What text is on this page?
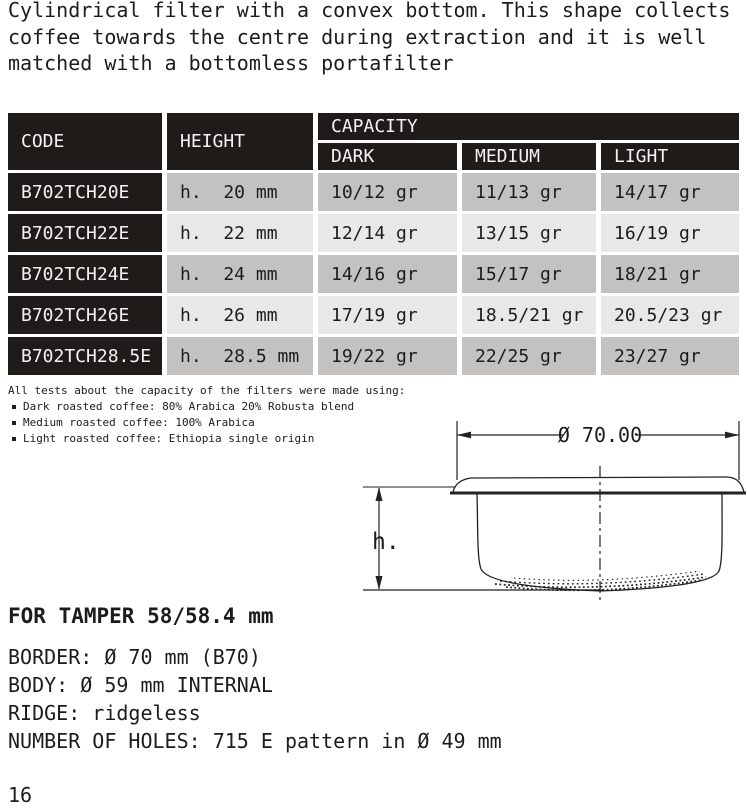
Cylindrical filter with a convex bottom. This shape collects
coffee towards the centre during extraction and it is well
matched with a bottomless portafilter
CODE	HEIGHT
CAPACITY
DARK	MEDIUM	LIGHT
B702TCH20E	h.  20 mm	10/12 gr	11/13 gr	14/17 gr
B702TCH22E	h.  22 mm	12/14 gr	13/15 gr	16/19 gr
B702TCH24E	h.  24 mm	14/16 gr	15/17 gr	18/21 gr
B702TCH26E	h.  26 mm	17/19 gr	18.5/21 gr	20.5/23 gr
B702TCH28.5E	h.  28.5 mm	19/22 gr	22/25 gr	23/27 gr
All tests about the capacity of the filters were made using:
Dark roasted coffee: 80% Arabica 20% Robusta blend
Medium roasted coffee: 100% Arabica
Light roasted coffee: Ethiopia single origin	Ø 70.00
h.
FOR TAMPER 58/58.4 mm
BORDER: Ø 70 mm (B70)
BODY: Ø 59 mm INTERNAL
RIDGE: ridgeless
NUMBER OF HOLES: 715 E pattern in Ø 49 mm
16
